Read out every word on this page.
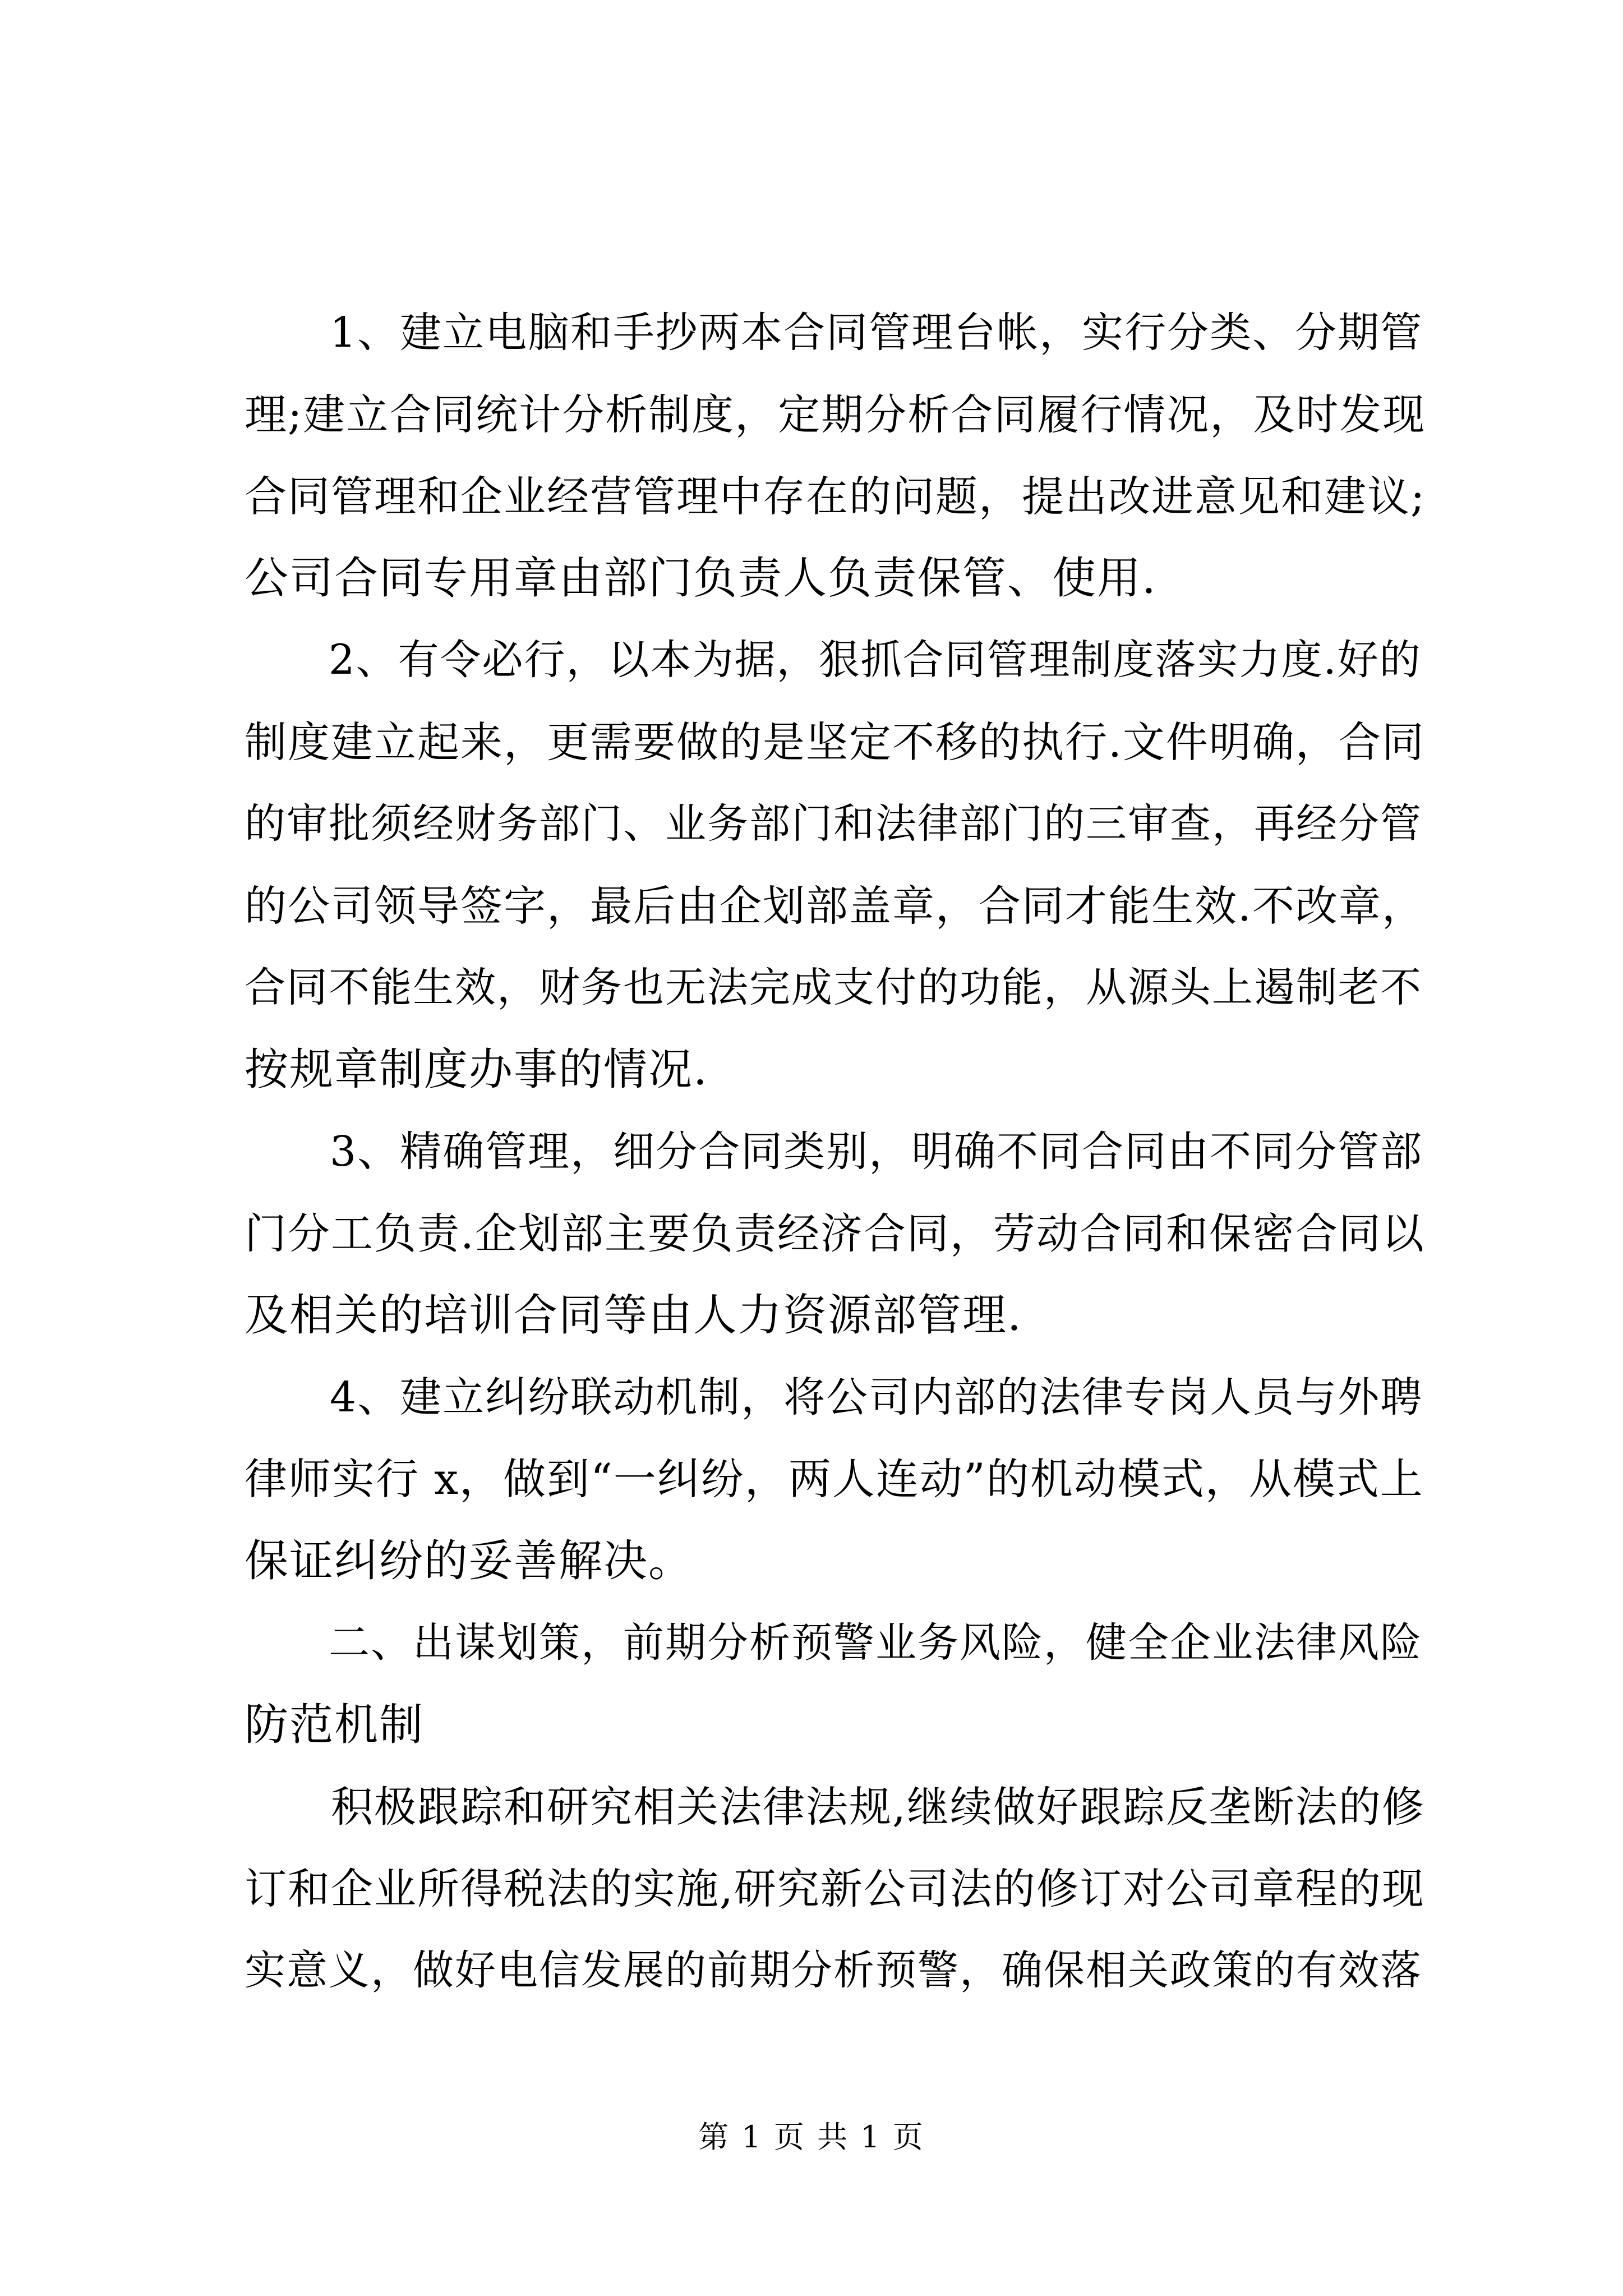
　　1、建立电脑和手抄两本合同管理台帐，实行分类、分期管
理;建立合同统计分析制度，定期分析合同履行情况，及时发现
合同管理和企业经营管理中存在的问题，提出改进意见和建议;
公司合同专用章由部门负责人负责保管、使用.
　　2、有令必行，以本为据，狠抓合同管理制度落实力度.好的
制度建立起来，更需要做的是坚定不移的执行.文件明确，合同
的审批须经财务部门、业务部门和法律部门的三审查，再经分管
的公司领导签字，最后由企划部盖章，合同才能生效.不改章，
合同不能生效，财务也无法完成支付的功能，从源头上遏制老不
按规章制度办事的情况.
　　3、精确管理，细分合同类别，明确不同合同由不同分管部
门分工负责.企划部主要负责经济合同，劳动合同和保密合同以
及相关的培训合同等由人力资源部管理.
　　4、建立纠纷联动机制，将公司内部的法律专岗人员与外聘
律师实行 x，做到“一纠纷，两人连动”的机动模式，从模式上
保证纠纷的妥善解决。
　　二、出谋划策，前期分析预警业务风险，健全企业法律风险
防范机制
　　积极跟踪和研究相关法律法规,继续做好跟踪反垄断法的修
订和企业所得税法的实施,研究新公司法的修订对公司章程的现
实意义，做好电信发展的前期分析预警，确保相关政策的有效落
第 1 页 共 1 页
